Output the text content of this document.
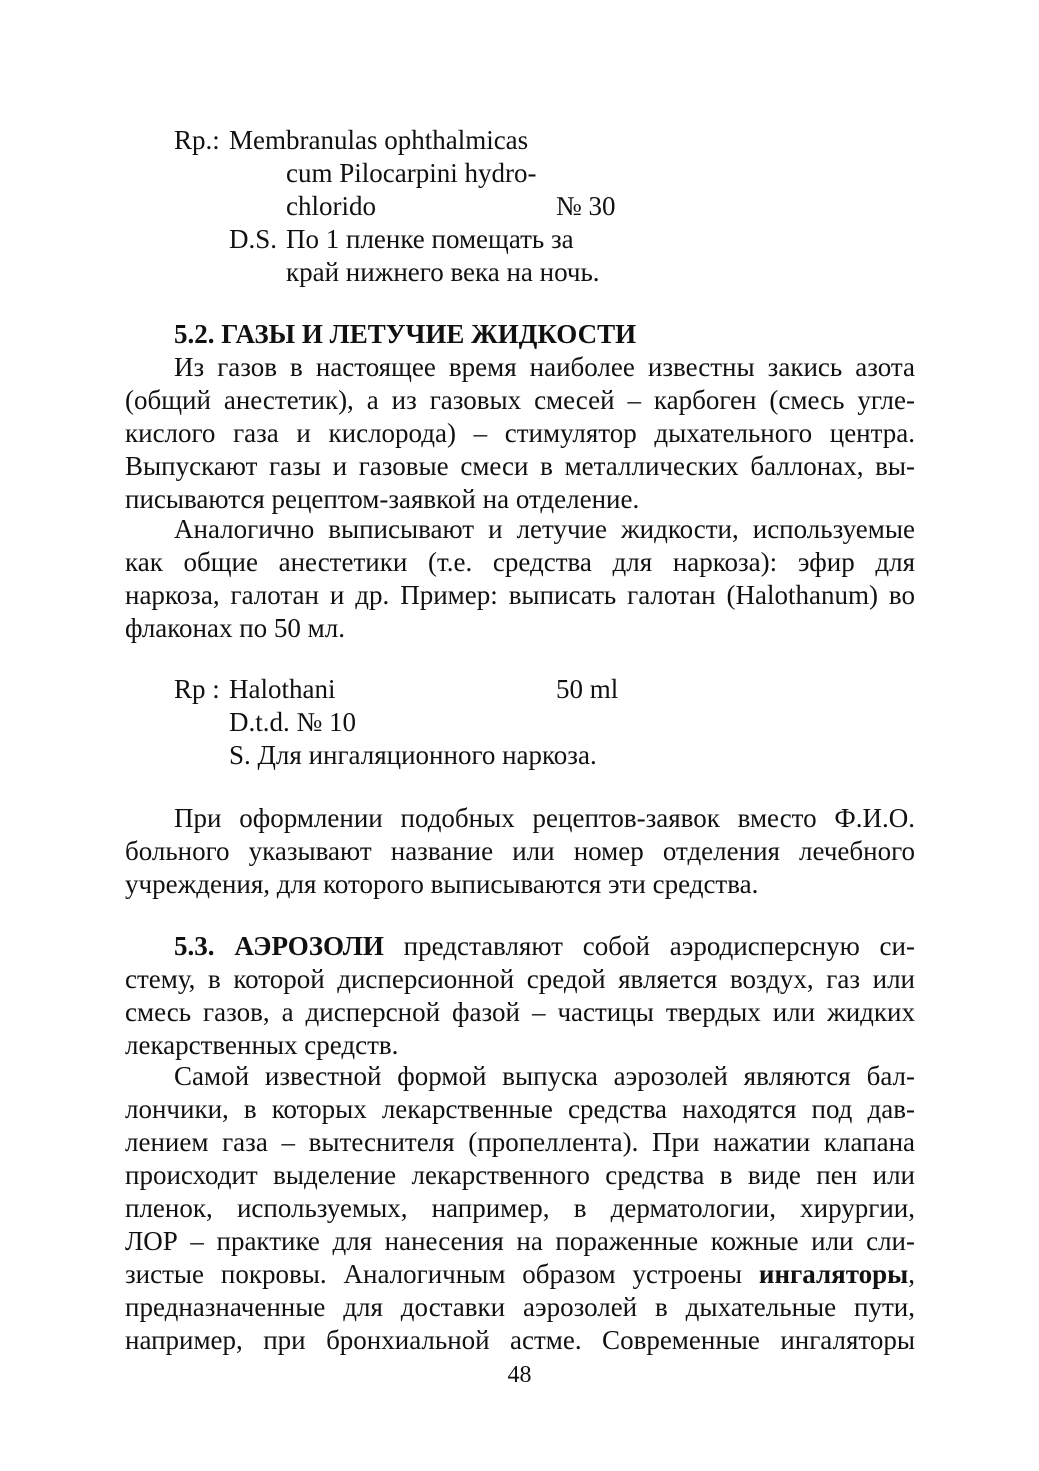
Rp.: Membranulas ophthalmicas
cum Pilocarpini hydro-
chlorido	№ 30
D.S. По 1 пленке помещать за
край нижнего века на ночь.
5.2. ГАЗЫ И ЛЕТУЧИЕ ЖИДКОСТИ
Из газов в настоящее время наиболее известны закись азота
(общий анестетик), а из газовых смесей – карбоген (смесь угле-
кислого газа и кислорода) – стимулятор дыхательного центра.
Выпускают газы и газовые смеси в металлических баллонах, вы-
писываются рецептом-заявкой на отделение.
Аналогично выписывают и летучие жидкости, используемые
как общие анестетики (т.е. средства для наркоза): эфир для
наркоза, галотан и др. Пример: выписать галотан (Halothanum) во
флаконах по 50 мл.
Rp : Halothani	50 ml
D.t.d. № 10
S. Для ингаляционного наркоза.
При оформлении подобных рецептов-заявок вместо Ф.И.О.
больного указывают название или номер отделения лечебного
учреждения, для которого выписываются эти средства.
5.3. АЭРОЗОЛИ представляют собой аэродисперсную си-
стему, в которой дисперсионной средой является воздух, газ или
смесь газов, а дисперсной фазой – частицы твердых или жидких
лекарственных средств.
Самой известной формой выпуска аэрозолей являются бал-
лончики, в которых лекарственные средства находятся под дав-
лением газа – вытеснителя (пропеллента). При нажатии клапана
происходит выделение лекарственного средства в виде пен или
пленок, используемых, например, в дерматологии, хирургии,
ЛОР – практике для нанесения на пораженные кожные или сли-
зистые покровы. Аналогичным образом устроены ингаляторы,
предназначенные для доставки аэрозолей в дыхательные пути,
например, при бронхиальной астме. Современные ингаляторы
48
